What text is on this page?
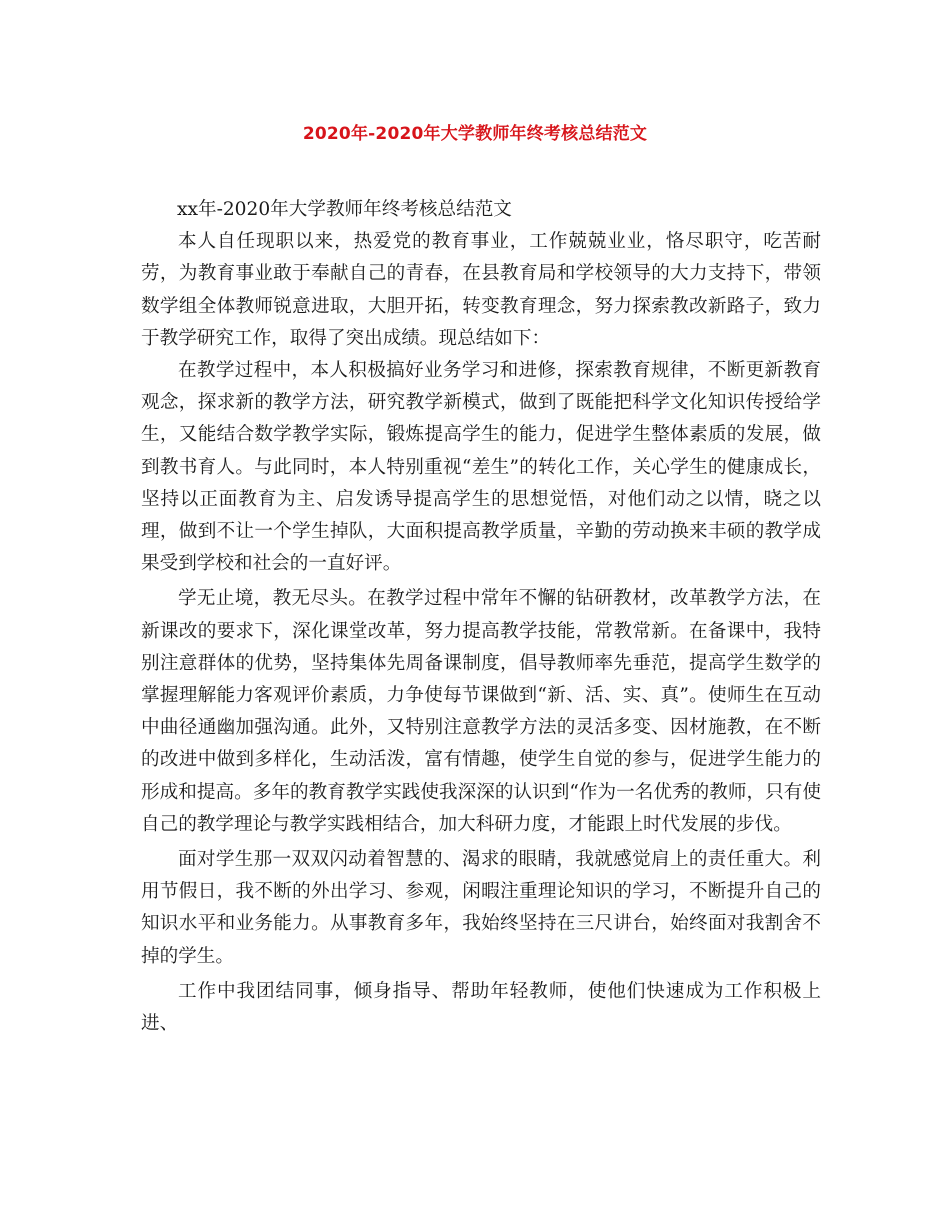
2020年-2020年大学教师年终考核总结范文

xx年-2020年大学教师年终考核总结范文

本人自任现职以来，热爱党的教育事业，工作兢兢业业，恪尽职守，吃苦耐劳，为教育事业敢于奉献自己的青春，在县教育局和学校领导的大力支持下，带领数学组全体教师锐意进取，大胆开拓，转变教育理念，努力探索教改新路子，致力于教学研究工作，取得了突出成绩。现总结如下：

在教学过程中，本人积极搞好业务学习和进修，探索教育规律，不断更新教育观念，探求新的教学方法，研究教学新模式，做到了既能把科学文化知识传授给学生，又能结合数学教学实际，锻炼提高学生的能力，促进学生整体素质的发展，做到教书育人。与此同时，本人特别重视“差生”的转化工作，关心学生的健康成长，坚持以正面教育为主、启发诱导提高学生的思想觉悟，对他们动之以情，晓之以理，做到不让一个学生掉队，大面积提高教学质量，辛勤的劳动换来丰硕的教学成果受到学校和社会的一直好评。

学无止境，教无尽头。在教学过程中常年不懈的钻研教材，改革教学方法，在新课改的要求下，深化课堂改革，努力提高教学技能，常教常新。在备课中，我特别注意群体的优势，坚持集体先周备课制度，倡导教师率先垂范，提高学生数学的掌握理解能力客观评价素质，力争使每节课做到“新、活、实、真”。使师生在互动中曲径通幽加强沟通。此外，又特别注意教学方法的灵活多变、因材施教，在不断的改进中做到多样化，生动活泼，富有情趣，使学生自觉的参与，促进学生能力的形成和提高。多年的教育教学实践使我深深的认识到“作为一名优秀的教师，只有使自己的教学理论与教学实践相结合，加大科研力度，才能跟上时代发展的步伐。

面对学生那一双双闪动着智慧的、渴求的眼睛，我就感觉肩上的责任重大。利用节假日，我不断的外出学习、参观，闲暇注重理论知识的学习，不断提升自己的知识水平和业务能力。从事教育多年，我始终坚持在三尺讲台，始终面对我割舍不掉的学生。

工作中我团结同事，倾身指导、帮助年轻教师，使他们快速成为工作积极上进、
